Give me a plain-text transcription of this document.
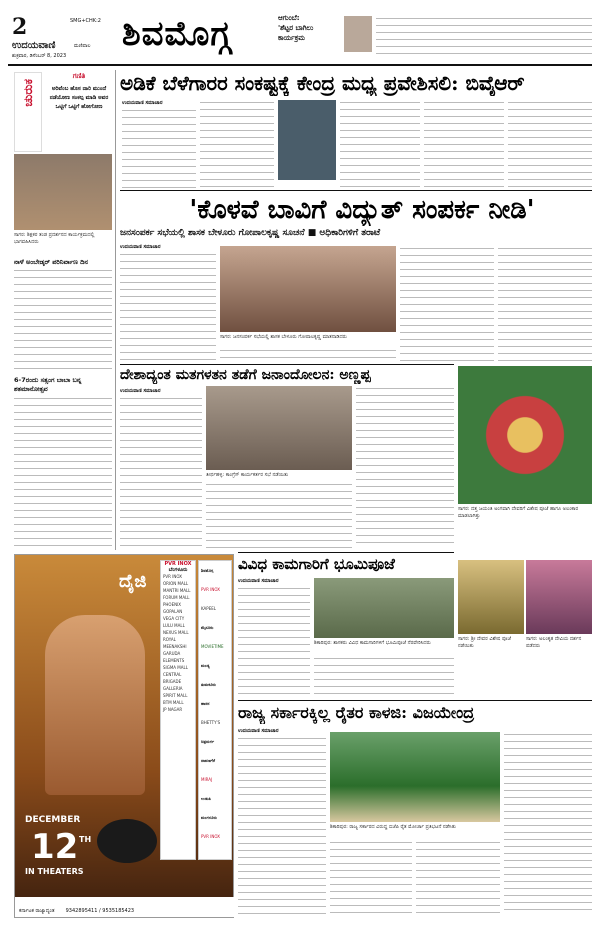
2	SMG+CHK:2
ಉದಯವಾಣಿ	ಮಣಿಪಾಲ
ಶುಕ್ರವಾರ, ಡಿಸೆಂಬರ್ 8, 2023
ಶಿವಮೊಗ್ಗ	ಆಗುಂಬೆ:
'ಶೆಟ್ಟರ ಬಾಗಿಲು ಕಾರ್ಯಕ್ರಮ
ಚುರುಕ
ಗಣಿತಿ
ಅರಿವೆಂಬ ಹೊಸ ದಾರಿ ಮುಂದೆ ನಡೆಯೋಣ ಸಂಕಲ್ಪ ಮಾಡಿ ಅವರ ಒಟ್ಟಿಗೆ ಒಟ್ಟಿಗೆ ಹೋಗೋಣ
ಸಾಗರ: ಶಿಕ್ಷಕರ ತಂಡ ಪ್ರದರ್ಶನದ ಕಾರ್ಯಕ್ರಮದಲ್ಲಿ ಭಾಗವಹಿಸಿದರು
ನಾಳೆ ಅಂಬೇಡ್ಕರ್ ಪರಿನಿರ್ವಾಣ ದಿನ
6-7ರಂದು ಸತ್ಸಂಗ ಬಾಬಾ ಬನ್ನ ಶತಮಾನೋತ್ಸವ
ಅಡಿಕೆ ಬೆಳೆಗಾರರ ಸಂಕಷ್ಟಕ್ಕೆ ಕೇಂದ್ರ ಮಧ್ಯ ಪ್ರವೇಶಿಸಲಿ: ಬಿವೈಆರ್
ಉದಯವಾಣಿ ಸಮಾಚಾರ
'ಕೊಳವೆ ಬಾವಿಗೆ ವಿದ್ಯುತ್ ಸಂಪರ್ಕ ನೀಡಿ'
ಜನಸಂಪರ್ಕ ಸಭೆಯಲ್ಲಿ ಶಾಸಕ ಬೇಳೂರು ಗೋಪಾಲಕೃಷ್ಣ ಸೂಚನೆ ■ ಅಧಿಕಾರಿಗಳಿಗೆ ತರಾಟೆ
ಉದಯವಾಣಿ ಸಮಾಚಾರ
ಸಾಗರ: ಜನಸಂಪರ್ಕ ಸಭೆಯಲ್ಲಿ ಶಾಸಕ ಬೇಳೂರು ಗೋಪಾಲಕೃಷ್ಣ ಮಾತನಾಡಿದರು
ದೇಶಾದ್ಯಂತ ಮತಗಳತನ ತಡೆಗೆ ಜನಾಂದೋಲನ: ಅಣ್ಣಪ್ಪ
ಉದಯವಾಣಿ ಸಮಾಚಾರ
ತೀರ್ಥಹಳ್ಳಿ: ಕಾಂಗ್ರೆಸ್ ಕಾರ್ಯಕರ್ತರ ಸಭೆ ನಡೆಯಿತು
ಸಾಗರ: ದತ್ತ ಜಯಂತಿ ಅಂಗವಾಗಿ ದೇವರಿಗೆ ವಿಶೇಷ ಪೂಜೆ ಹಾಗೂ ಅಲಂಕಾರ ಮಾಡಲಾಗಿತ್ತು
ದೈಜಿ
DECEMBER
12 TH
IN THEATERS
ಕರ್ನಾಟಕ ರಾಜ್ಯಾದ್ಯಂತ 9342895411 / 9535185423
PVR INOX
ಬೆಂಗಳೂರು
PVR INOX
ORION MALL
MANTRI MALL
FORUM MALL
PHOENIX
GOPALAN
VEGA CITY
LULU MALL
NEXUS MALL
ROYAL MEENAKSHI
GARUDA
ELEMENTS
SIGMA MALL
CENTRAL
BRIGADE
GALLERIA
SPIRIT MALL
BTM MALL
JP NAGAR
ಶಿವಮೊಗ್ಗ
PVR INOX
KAPEEL
ಮೈಸೂರು
MOVIETIME
ಮಂಡ್ಯ
ತುಮಕೂರು
ಹಾಸನ
BHETTY'S
ಚಿತ್ರದುರ್ಗ
ದಾವಣಗೆರೆ
MIRAJ
ಉಡುಪಿ
ಮಂಗಳೂರು
PVR INOX
ವಿವಿಧ ಕಾಮಗಾರಿಗೆ ಭೂಮಿಪೂಜೆ
ಉದಯವಾಣಿ ಸಮಾಚಾರ
ಶಿಕಾರಿಪುರ: ಶಾಸಕರು ವಿವಿಧ ಕಾಮಗಾರಿಗಳಿಗೆ ಭೂಮಿಪೂಜೆ ನೆರವೇರಿಸಿದರು
ಸಾಗರ: ಶ್ರೀ ದೇವರ ವಿಶೇಷ ಪೂಜೆ ನಡೆಯಿತು
ಸಾಗರ: ಅಲಂಕೃತ ದೇವಿಯ ದರ್ಶನ ಪಡೆದರು
ರಾಜ್ಯ ಸರ್ಕಾರಕ್ಕಿಲ್ಲ ರೈತರ ಕಾಳಜಿ: ವಿಜಯೇಂದ್ರ
ಉದಯವಾಣಿ ಸಮಾಚಾರ
ಶಿಕಾರಿಪುರ: ರಾಜ್ಯ ಸರ್ಕಾರದ ವಿರುದ್ಧ ಬಿಜೆಪಿ ರೈತ ಮೋರ್ಚಾ ಪ್ರತಿಭಟನೆ ನಡೆಸಿತು
